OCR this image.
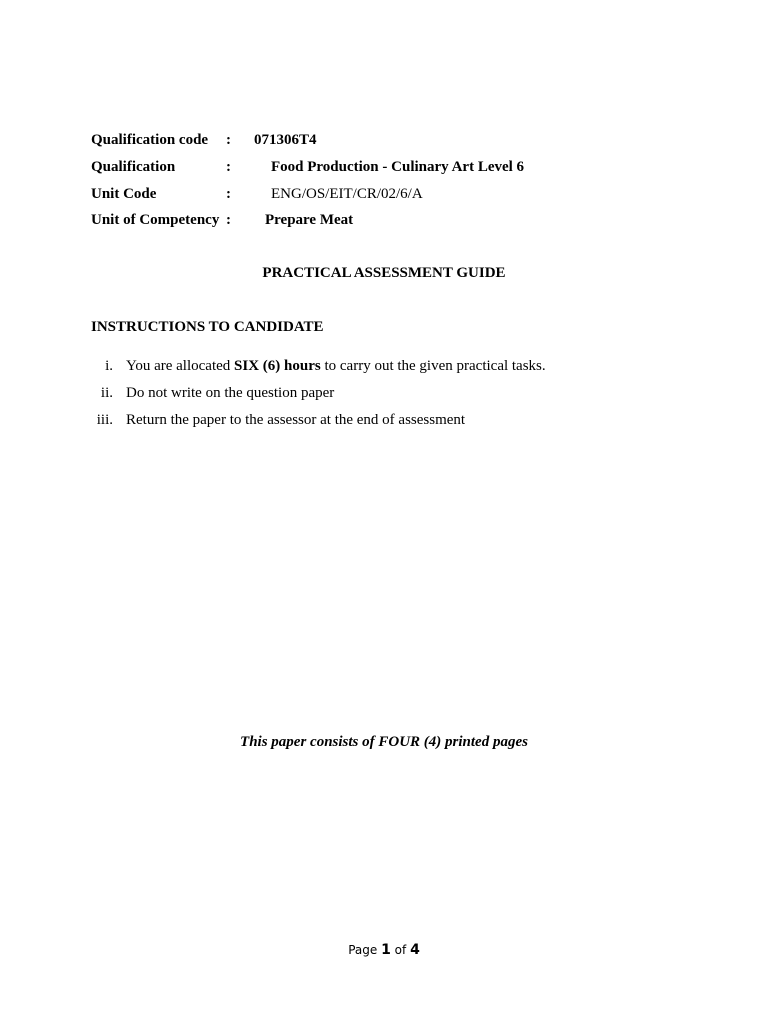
Qualification code : 071306T4
Qualification	:	Food Production - Culinary Art Level 6
Unit Code	:	ENG/OS/EIT/CR/02/6/A
Unit of Competency : Prepare Meat
PRACTICAL ASSESSMENT GUIDE
INSTRUCTIONS TO CANDIDATE
i. You are allocated SIX (6) hours to carry out the given practical tasks.
ii. Do not write on the question paper
iii. Return the paper to the assessor at the end of assessment
This paper consists of FOUR (4) printed pages
Page 1 of 4
